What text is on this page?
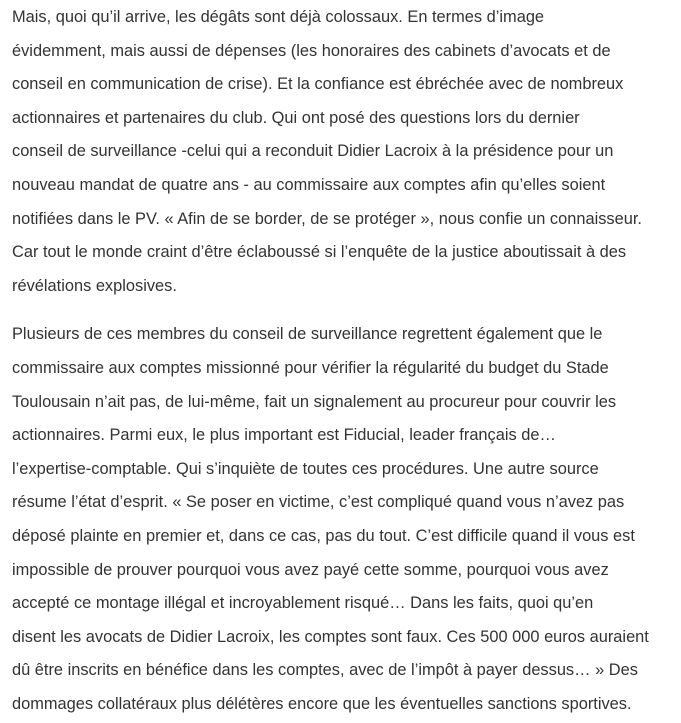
Mais, quoi qu’il arrive, les dégâts sont déjà colossaux. En termes d’image
évidemment, mais aussi de dépenses (les honoraires des cabinets d’avocats et de
conseil en communication de crise). Et la confiance est ébréchée avec de nombreux
actionnaires et partenaires du club. Qui ont posé des questions lors du dernier
conseil de surveillance -celui qui a reconduit Didier Lacroix à la présidence pour un
nouveau mandat de quatre ans - au commissaire aux comptes afin qu’elles soient
notifiées dans le PV. « Afin de se border, de se protéger », nous confie un connaisseur.
Car tout le monde craint d’être éclaboussé si l’enquête de la justice aboutissait à des
révélations explosives.

Plusieurs de ces membres du conseil de surveillance regrettent également que le
commissaire aux comptes missionné pour vérifier la régularité du budget du Stade
Toulousain n’ait pas, de lui-même, fait un signalement au procureur pour couvrir les
actionnaires. Parmi eux, le plus important est Fiducial, leader français de…
l’expertise-comptable. Qui s’inquiète de toutes ces procédures. Une autre source
résume l’état d’esprit. « Se poser en victime, c’est compliqué quand vous n’avez pas
déposé plainte en premier et, dans ce cas, pas du tout. C’est difficile quand il vous est
impossible de prouver pourquoi vous avez payé cette somme, pourquoi vous avez
accepté ce montage illégal et incroyablement risqué… Dans les faits, quoi qu’en
disent les avocats de Didier Lacroix, les comptes sont faux. Ces 500 000 euros auraient
dû être inscrits en bénéfice dans les comptes, avec de l’impôt à payer dessus… » Des
dommages collatéraux plus délétères encore que les éventuelles sanctions sportives.
